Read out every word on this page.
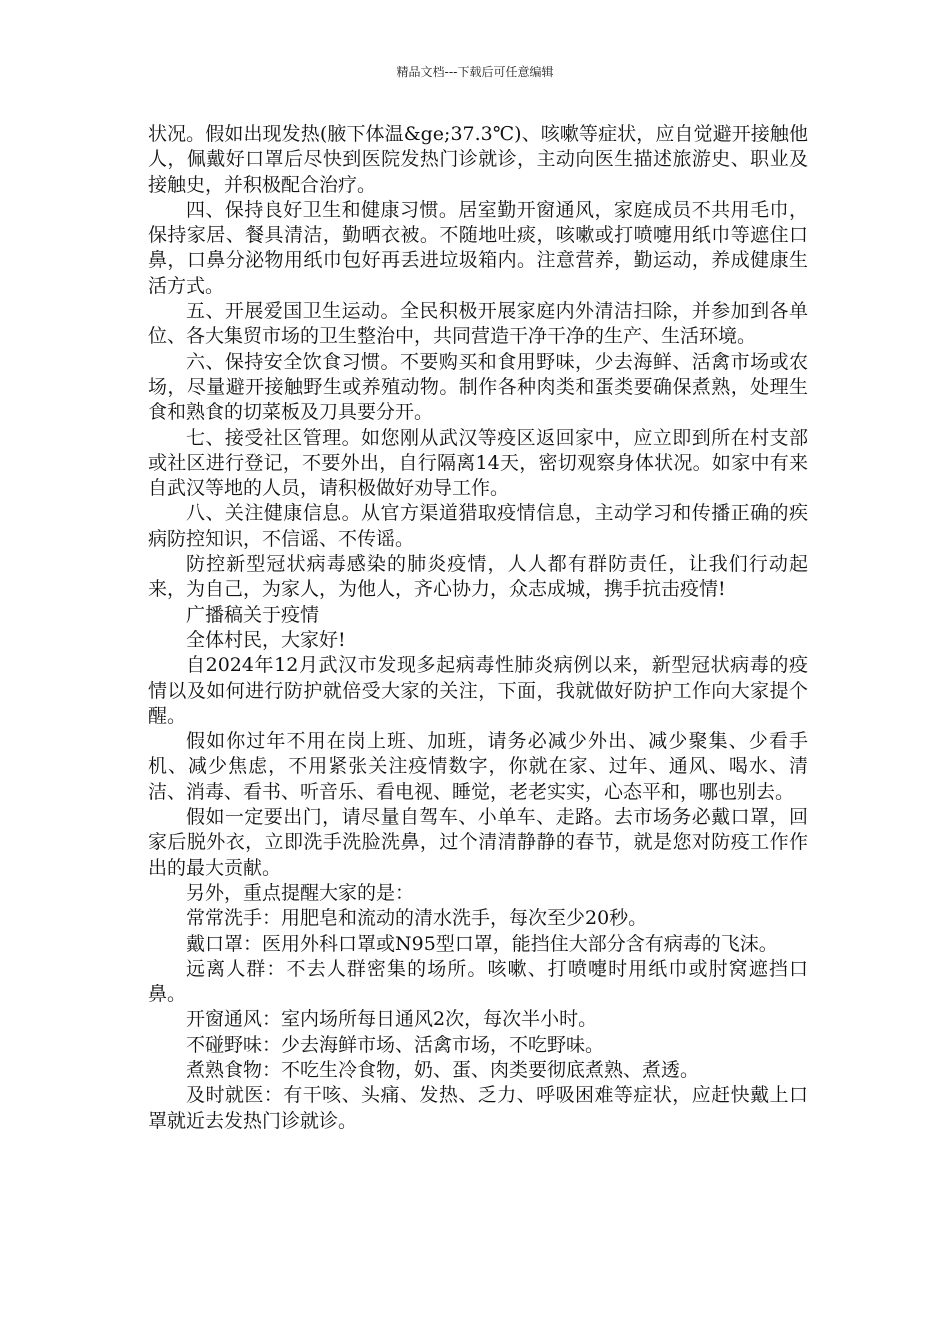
精品文档---下载后可任意编辑

状况。假如出现发热(腋下体温&ge;37.3℃)、咳嗽等症状，应自觉避开接触他人，佩戴好口罩后尽快到医院发热门诊就诊，主动向医生描述旅游史、职业及接触史，并积极配合治疗。

四、保持良好卫生和健康习惯。居室勤开窗通风，家庭成员不共用毛巾，保持家居、餐具清洁，勤晒衣被。不随地吐痰，咳嗽或打喷嚏用纸巾等遮住口鼻，口鼻分泌物用纸巾包好再丢进垃圾箱内。注意营养，勤运动，养成健康生活方式。

五、开展爱国卫生运动。全民积极开展家庭内外清洁扫除，并参加到各单位、各大集贸市场的卫生整治中，共同营造干净干净的生产、生活环境。

六、保持安全饮食习惯。不要购买和食用野味，少去海鲜、活禽市场或农场，尽量避开接触野生或养殖动物。制作各种肉类和蛋类要确保煮熟，处理生食和熟食的切菜板及刀具要分开。

七、接受社区管理。如您刚从武汉等疫区返回家中，应立即到所在村支部或社区进行登记，不要外出，自行隔离14天，密切观察身体状况。如家中有来自武汉等地的人员，请积极做好劝导工作。

八、关注健康信息。从官方渠道猎取疫情信息，主动学习和传播正确的疾病防控知识，不信谣、不传谣。

防控新型冠状病毒感染的肺炎疫情，人人都有群防责任，让我们行动起来，为自己，为家人，为他人，齐心协力，众志成城，携手抗击疫情!

广播稿关于疫情

全体村民，大家好!

自2024年12月武汉市发现多起病毒性肺炎病例以来，新型冠状病毒的疫情以及如何进行防护就倍受大家的关注，下面，我就做好防护工作向大家提个醒。

假如你过年不用在岗上班、加班，请务必减少外出、减少聚集、少看手机、减少焦虑，不用紧张关注疫情数字，你就在家、过年、通风、喝水、清洁、消毒、看书、听音乐、看电视、睡觉，老老实实，心态平和，哪也别去。

假如一定要出门，请尽量自驾车、小单车、走路。去市场务必戴口罩，回家后脱外衣，立即洗手洗脸洗鼻，过个清清静静的春节，就是您对防疫工作作出的最大贡献。

另外，重点提醒大家的是：

常常洗手：用肥皂和流动的清水洗手，每次至少20秒。

戴口罩：医用外科口罩或N95型口罩，能挡住大部分含有病毒的飞沫。

远离人群：不去人群密集的场所。咳嗽、打喷嚏时用纸巾或肘窝遮挡口鼻。

开窗通风：室内场所每日通风2次，每次半小时。

不碰野味：少去海鲜市场、活禽市场，不吃野味。

煮熟食物：不吃生冷食物，奶、蛋、肉类要彻底煮熟、煮透。

及时就医：有干咳、头痛、发热、乏力、呼吸困难等症状，应赶快戴上口罩就近去发热门诊就诊。
